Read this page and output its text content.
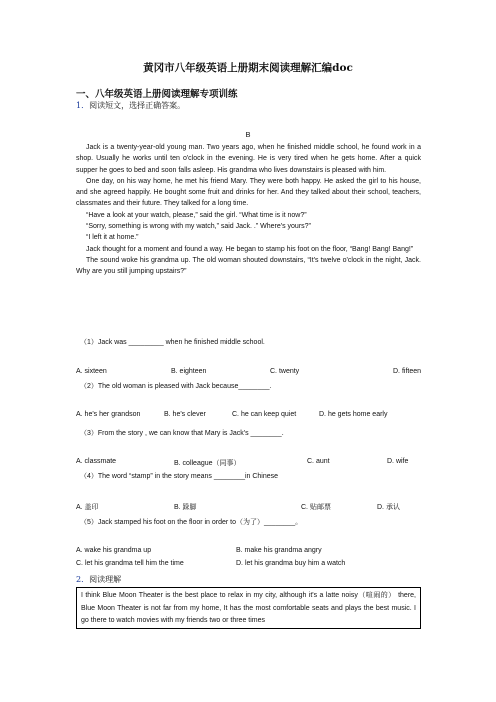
黄冈市八年级英语上册期末阅读理解汇编doc
一、八年级英语上册阅读理解专项训练
1．阅读短文，选择正确答案。
B

Jack is a twenty-year-old young man. Two years ago, when he finished middle school, he found work in a shop. Usually he works until ten o'clock in the evening. He is very tired when he gets home. After a quick supper he goes to bed and soon falls asleep. His grandma who lives downstairs is pleased with him.

One day, on his way home, he met his friend Mary. They were both happy. He asked the girl to his house, and she agreed happily. He bought some fruit and drinks for her. And they talked about their school, teachers, classmates and their future. They talked for a long time.

“Have a look at your watch, please,” said the girl. “What time is it now?”

“Sorry, something is wrong with my watch,” said Jack. .” Where's yours?”

“I left it at home.”

Jack thought for a moment and found a way. He began to stamp his foot on the floor, “Bang! Bang! Bang!”

The sound woke his grandma up. The old woman shouted downstairs, “It's twelve o'clock in the night, Jack. Why are you still jumping upstairs?”

（1）Jack was _________ when he finished middle school.
A. sixteen	B. eighteen	C. twenty	D. fifteen
（2）The old woman is pleased with Jack because________.
A. he's her grandson	B. he's clever	C. he can keep quiet	D. he gets home early
（3）From the story , we can know that Mary is Jack's ________.
A. classmate	B. colleague（同事）	C. aunt	D. wife
（4）The word “stamp” in the story means ________in Chinese
A. 盖印	B. 跺脚	C. 贴邮票	D. 承认
（5）Jack stamped his foot on the floor in order to（为了）________。
A. wake his grandma up	B. make his grandma angry
C. let his grandma tell him the time	D. let his grandma buy him a watch
2．阅读理解
I think Blue Moon Theater is the best place to relax in my city, although it's a latte noisy（喧闹的） there, Blue Moon Theater is not far from my home, It has the most comfortable seats and plays the best music. I go there to watch movies with my friends two or three times
